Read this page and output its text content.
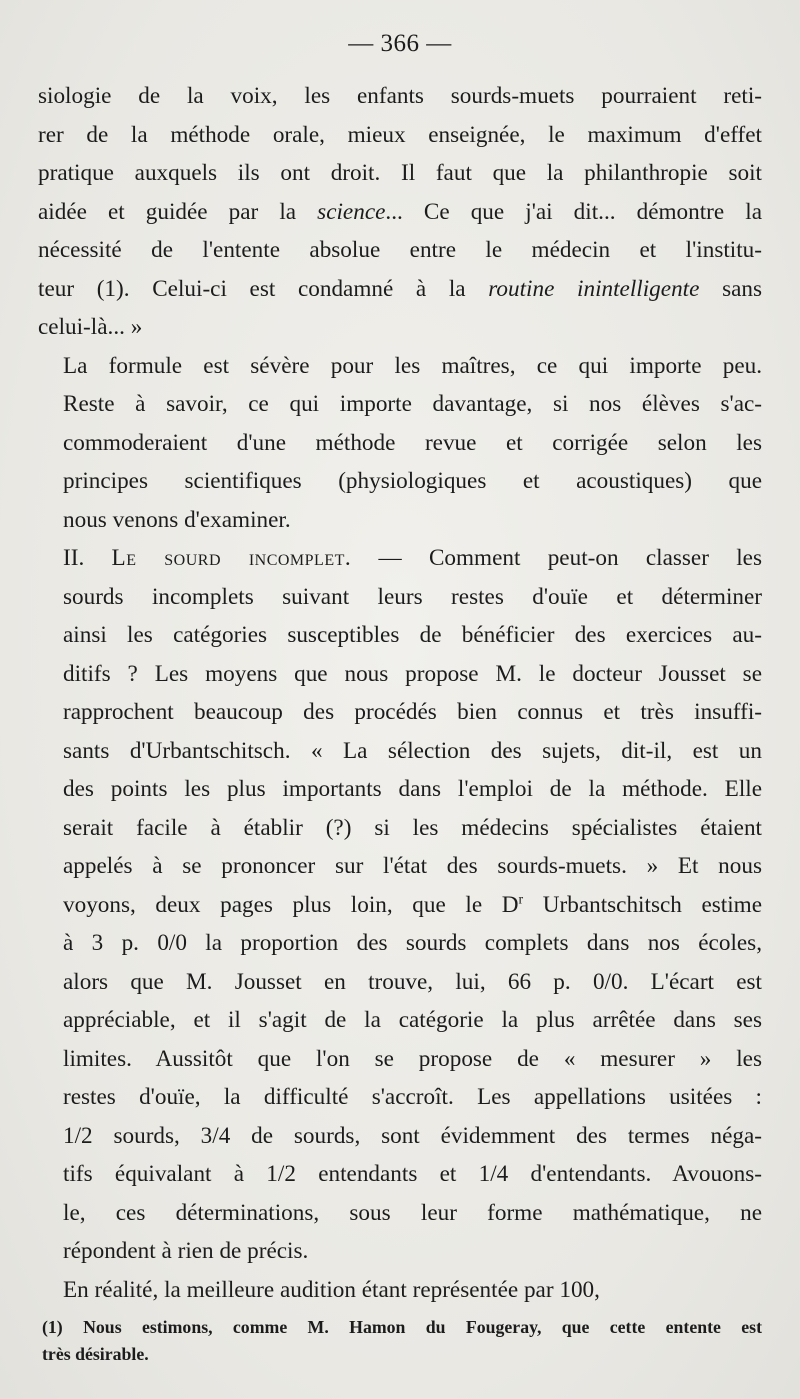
— 366 —
siologie de la voix, les enfants sourds-muets pourraient reti-
rer de la méthode orale, mieux enseignée, le maximum d'effet
pratique auxquels ils ont droit. Il faut que la philanthropie soit
aidée et guidée par la science... Ce que j'ai dit... démontre la
nécessité de l'entente absolue entre le médecin et l'institu-
teur (1). Celui-ci est condamné à la routine inintelligente sans
celui-là... »
La formule est sévère pour les maîtres, ce qui importe peu.
Reste à savoir, ce qui importe davantage, si nos élèves s'ac-
commoderaient d'une méthode revue et corrigée selon les
principes scientifiques (physiologiques et acoustiques) que
nous venons d'examiner.
II. Le sourd incomplet. — Comment peut-on classer les
sourds incomplets suivant leurs restes d'ouïe et déterminer
ainsi les catégories susceptibles de bénéficier des exercices au-
ditifs ? Les moyens que nous propose M. le docteur Jousset se
rapprochent beaucoup des procédés bien connus et très insuffi-
sants d'Urbantschitsch. « La sélection des sujets, dit-il, est un
des points les plus importants dans l'emploi de la méthode. Elle
serait facile à établir (?) si les médecins spécialistes étaient
appelés à se prononcer sur l'état des sourds-muets. » Et nous
voyons, deux pages plus loin, que le $D^r$ Urbantschitsch estime
à 3 p. 0/0 la proportion des sourds complets dans nos écoles,
alors que M. Jousset en trouve, lui, 66 p. 0/0. L'écart est
appréciable, et il s'agit de la catégorie la plus arrêtée dans ses
limites. Aussitôt que l'on se propose de « mesurer » les
restes d'ouïe, la difficulté s'accroît. Les appellations usitées :
1/2 sourds, 3/4 de sourds, sont évidemment des termes néga-
tifs équivalant à 1/2 entendants et 1/4 d'entendants. Avouons-
le, ces déterminations, sous leur forme mathématique, ne
répondent à rien de précis.
En réalité, la meilleure audition étant représentée par 100,
(1) Nous estimons, comme M. Hamon du Fougeray, que cette entente est
très désirable.
